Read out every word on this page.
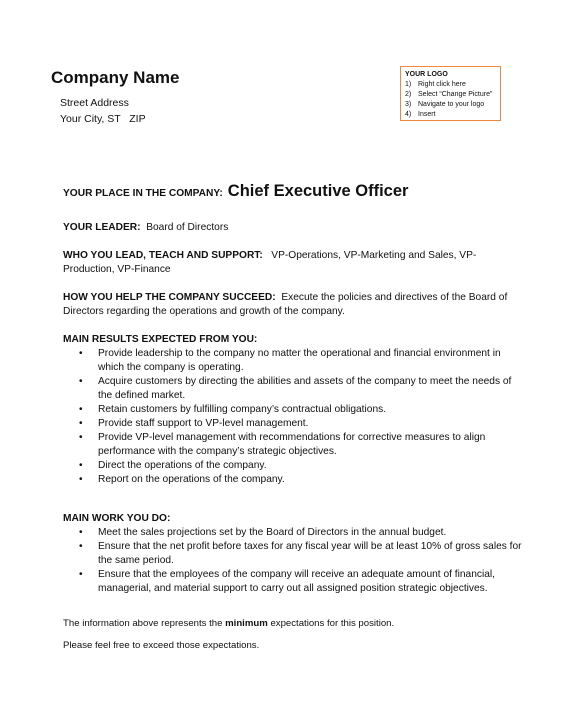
Company Name
Street Address
Your City, ST   ZIP
YOUR LOGO
1) Right click here
2) Select “Change Picture”
3) Navigate to your logo
4) Insert
YOUR PLACE IN THE COMPANY: Chief Executive Officer
YOUR LEADER: Board of Directors
WHO YOU LEAD, TEACH AND SUPPORT: VP-Operations, VP-Marketing and Sales, VP-Production, VP-Finance
HOW YOU HELP THE COMPANY SUCCEED: Execute the policies and directives of the Board of Directors regarding the operations and growth of the company.
MAIN RESULTS EXPECTED FROM YOU:
• Provide leadership to the company no matter the operational and financial environment in which the company is operating.
• Acquire customers by directing the abilities and assets of the company to meet the needs of the defined market.
• Retain customers by fulfilling company’s contractual obligations.
• Provide staff support to VP-level management.
• Provide VP-level management with recommendations for corrective measures to align performance with the company’s strategic objectives.
• Direct the operations of the company.
• Report on the operations of the company.
MAIN WORK YOU DO:
• Meet the sales projections set by the Board of Directors in the annual budget.
• Ensure that the net profit before taxes for any fiscal year will be at least 10% of gross sales for the same period.
• Ensure that the employees of the company will receive an adequate amount of financial, managerial, and material support to carry out all assigned position strategic objectives.
The information above represents the minimum expectations for this position.
Please feel free to exceed those expectations.
